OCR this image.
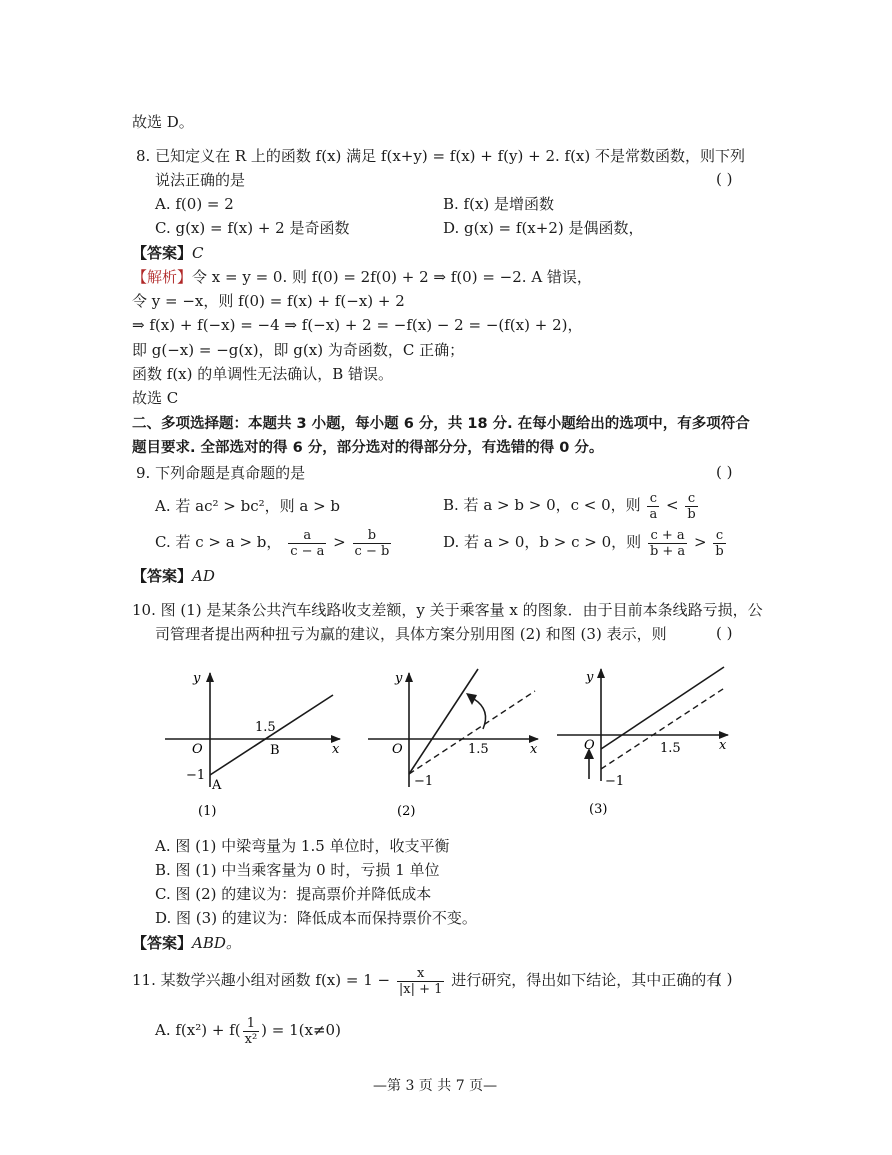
故选 D。
8. 已知定义在 R 上的函数 f(x) 满足 f(x+y) = f(x) + f(y) + 2. f(x) 不是常数函数，则下列
说法正确的是	( )
A. f(0) = 2	B. f(x) 是增函数
C. g(x) = f(x) + 2 是奇函数	D. g(x) = f(x+2) 是偶函数，
【答案】C
【解析】令 x = y = 0. 则 f(0) = 2f(0) + 2 ⇒ f(0) = −2. A 错误，
令 y = −x，则 f(0) = f(x) + f(−x) + 2
⇒ f(x) + f(−x) = −4 ⇒ f(−x) + 2 = −f(x) − 2 = −(f(x) + 2)，
即 g(−x) = −g(x)，即 g(x) 为奇函数，C 正确；
函数 f(x) 的单调性无法确认，B 错误。
故选 C
二、多项选择题：本题共 3 小题，每小题 6 分，共 18 分. 在每小题给出的选项中，有多项符合
题目要求. 全部选对的得 6 分，部分选对的得部分分，有选错的得 0 分。
9. 下列命题是真命题的是	( )
A. 若 ac² > bc²，则 a > b	B. 若 a > b > 0，c < 0，则 $\frac{c}{a} < \frac{c}{b}$
C. 若 c > a > b， $\frac{a}{c - a} > \frac{b}{c - b}$	D. 若 a > 0，b > c > 0，则 $\frac{c + a}{b + a} > \frac{c}{b}$
【答案】AD
10. 图 (1) 是某条公共汽车线路收支差额，y 关于乘客量 x 的图象．由于目前本条线路亏损，公
司管理者提出两种扭亏为赢的建议，具体方案分别用图 (2) 和图 (3) 表示，则	( )
y
x
O
1.5
B
−1
A
(1)
y
x
O	1.5
−1
(2)
y
x
O	1.5
−1
(3)
A. 图 (1) 中梁弯量为 1.5 单位时，收支平衡
B. 图 (1) 中当乘客量为 0 时，亏损 1 单位
C. 图 (2) 的建议为：提高票价并降低成本
D. 图 (3) 的建议为：降低成本而保持票价不变。
【答案】ABD。
11. 某数学兴趣小组对函数 $f(x) = 1 - \frac{x}{|x| + 1}$ 进行研究，得出如下结论，其中正确的有
( )
A. $f(x^2) + f( \frac{1}{\text{x²}}$ ) = 1(x≠0)
—第 3 页 共 7 页—
